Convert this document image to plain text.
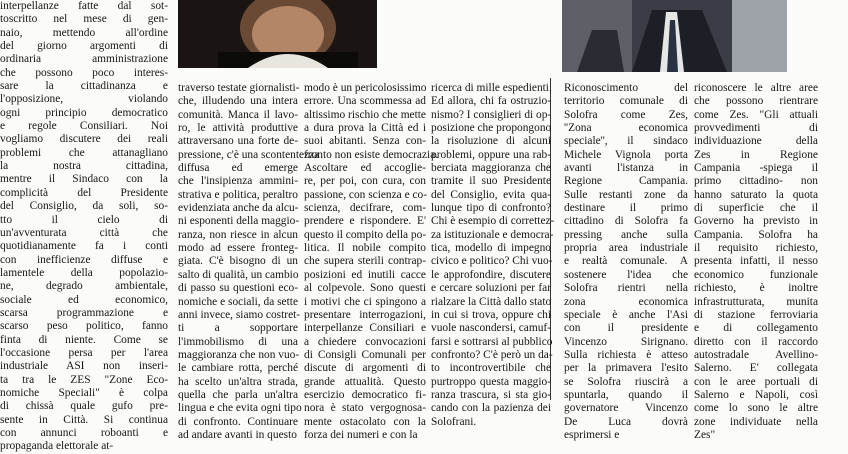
interpellanze fatte dal sot-
toscritto nel mese di gen-
naio, mettendo all'ordine
del giorno argomenti di
ordinaria amministrazione
che possono poco interes-
sare la cittadinanza e
l'opposizione, violando
ogni principio democratico
e regole Consiliari. Noi
vogliamo discutere dei reali
problemi che attanagliano
la nostra cittadina,
mentre il Sindaco con la
complicità del Presidente
del Consiglio, da soli, so-
tto il cielo di
un'avventurata città che
quotidianamente fa i conti
con inefficienze diffuse e
lamentele della popolazio-
ne, degrado ambientale,
sociale ed economico,
scarsa programmazione e
scarso peso politico, fanno
finta di niente. Come se
l'occasione persa per l'area
industriale ASI non inseri-
ta tra le ZES "Zone Eco-
nomiche Speciali" è colpa
di chissà quale gufo pre-
sente in Città. Si continua
con annunci roboanti e
propaganda elettorale at-
traverso testate giornalisti-
che, illudendo una intera
comunità. Manca il lavo-
ro, le attività produttive
attraversano una forte de-
pressione, c'è una scontentezza
diffusa ed emerge
che l'insipienza ammini-
strativa e politica, peraltro
evidenziata anche da alcu-
ni esponenti della maggio-
ranza, non riesce in alcun
modo ad essere fronteg-
giata. C'è bisogno di un
salto di qualità, un cambio
di passo su questioni eco-
nomiche e sociali, da sette
anni invece, siamo costret-
ti a sopportare
l'immobilismo di una
maggioranza che non vuo-
le cambiare rotta, perché
ha scelto un'altra strada,
quella che parla un'altra
lingua e che evita ogni tipo
di confronto. Continuare
ad andare avanti in questo
modo è un pericolosissimo
errore. Una scommessa ad
altissimo rischio che mette
a dura prova la Città ed i
suoi abitanti. Senza con-
fronto non esiste democrazia.
Ascoltare ed accoglie-
re, per poi, con cura, con
passione, con scienza e co-
scienza, decifrare, com-
prendere e rispondere. E'
questo il compito della po-
litica. Il nobile compito
che supera sterili contrap-
posizioni ed inutili cacce
al colpevole. Sono questi
i motivi che ci spingono a
presentare interrogazioni,
interpellanze Consiliari e
a chiedere convocazioni
di Consigli Comunali per
discute di argomenti di
grande attualità. Questo
esercizio democratico fi-
nora è stato vergognosa-
mente ostacolato con la
forza dei numeri e con la
ricerca di mille espedienti.
Ed allora, chi fa ostruzio-
nismo? I consiglieri di op-
posizione che propongono
la risoluzione di alcuni
problemi, oppure una rab-
berciata maggioranza che
tramite il suo Presidente
del Consiglio, evita qua-
lunque tipo di confronto?
Chi è esempio di correttez-
za istituzionale e democra-
tica, modello di impegno
civico e politico? Chi vuo-
le approfondire, discutere
e cercare soluzioni per far
rialzare la Città dallo stato
in cui si trova, oppure chi
vuole nascondersi, camuf-
farsi e sottrarsi al pubblico
confronto? C'è però un da-
to incontrovertibile che
purtroppo questa maggio-
ranza trascura, si sta gio-
cando con la pazienza dei
Solofrani.
Riconoscimento del
territorio comunale di
Solofra come Zes,
''Zona economica
speciale'', il sindaco
Michele Vignola porta
avanti l'istanza in
Regione Campania.
Sulle restanti zone da
destinare il primo
cittadino di Solofra fa
pressing anche sulla
propria area industriale
e realtà comunale. A
sostenere l'idea che
Solofra rientri nella
zona economica
speciale è anche l'Asi
con il presidente
Vincenzo Sirignano.
Sulla richiesta è atteso
per la primavera l'esito
se Solofra riuscirà a
spuntarla, quando il
governatore Vincenzo
De Luca dovrà
esprimersi e
riconoscere le altre aree
che possono rientrare
come Zes. "Gli attuali
provvedimenti di
individuazione della
Zes in Regione
Campania -spiega il
primo cittadino- non
hanno saturato la quota
di superficie che il
Governo ha previsto in
Campania. Solofra ha
il requisito richiesto,
presenta infatti, il nesso
economico funzionale
richiesto, è inoltre
infrastrutturata, munita
di stazione ferroviaria
e di collegamento
diretto con il raccordo
autostradale Avellino-
Salerno. E' collegata
con le aree portuali di
Salerno e Napoli, così
come lo sono le altre
zone individuate nella
Zes"
